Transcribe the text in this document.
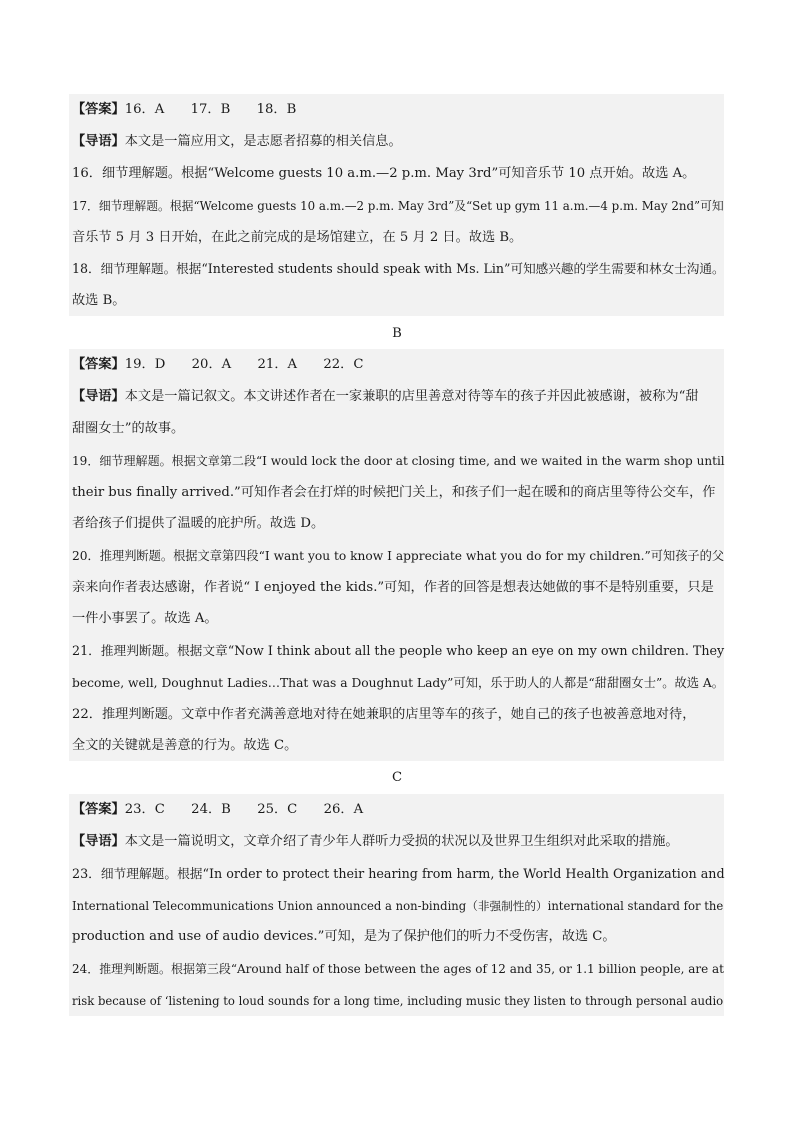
【答案】16．A　　17．B　　18．B
【导语】本文是一篇应用文，是志愿者招募的相关信息。
16．细节理解题。根据“Welcome guests 10 a.m.—2 p.m. May 3rd”可知音乐节 10 点开始。故选 A。
17．细节理解题。根据“Welcome guests 10 a.m.—2 p.m. May 3rd”及“Set up gym 11 a.m.—4 p.m. May 2nd”可知
音乐节 5 月 3 日开始，在此之前完成的是场馆建立，在 5 月 2 日。故选 B。
18．细节理解题。根据“Interested students should speak with Ms. Lin”可知感兴趣的学生需要和林女士沟通。
故选 B。
B
【答案】19．D　　20．A　　21．A　　22．C
【导语】本文是一篇记叙文。本文讲述作者在一家兼职的店里善意对待等车的孩子并因此被感谢，被称为“甜
甜圈女士”的故事。
19．细节理解题。根据文章第二段“I would lock the door at closing time, and we waited in the warm shop until
their bus finally arrived.”可知作者会在打烊的时候把门关上，和孩子们一起在暖和的商店里等待公交车，作
者给孩子们提供了温暖的庇护所。故选 D。
20．推理判断题。根据文章第四段“I want you to know I appreciate what you do for my children.”可知孩子的父
亲来向作者表达感谢，作者说“ I enjoyed the kids.”可知，作者的回答是想表达她做的事不是特别重要，只是
一件小事罢了。故选 A。
21．推理判断题。根据文章“Now I think about all the people who keep an eye on my own children. They
become, well, Doughnut Ladies…That was a Doughnut Lady”可知，乐于助人的人都是“甜甜圈女士”。故选 A。
22．推理判断题。文章中作者充满善意地对待在她兼职的店里等车的孩子，她自己的孩子也被善意地对待，
全文的关键就是善意的行为。故选 C。
C
【答案】23．C　　24．B　　25．C　　26．A
【导语】本文是一篇说明文，文章介绍了青少年人群听力受损的状况以及世界卫生组织对此采取的措施。
23．细节理解题。根据“In order to protect their hearing from harm, the World Health Organization and
International Telecommunications Union announced a non-binding（非强制性的）international standard for the
production and use of audio devices.”可知，是为了保护他们的听力不受伤害，故选 C。
24．推理判断题。根据第三段“Around half of those between the ages of 12 and 35, or 1.1 billion people, are at
risk because of ‘listening to loud sounds for a long time, including music they listen to through personal audio
